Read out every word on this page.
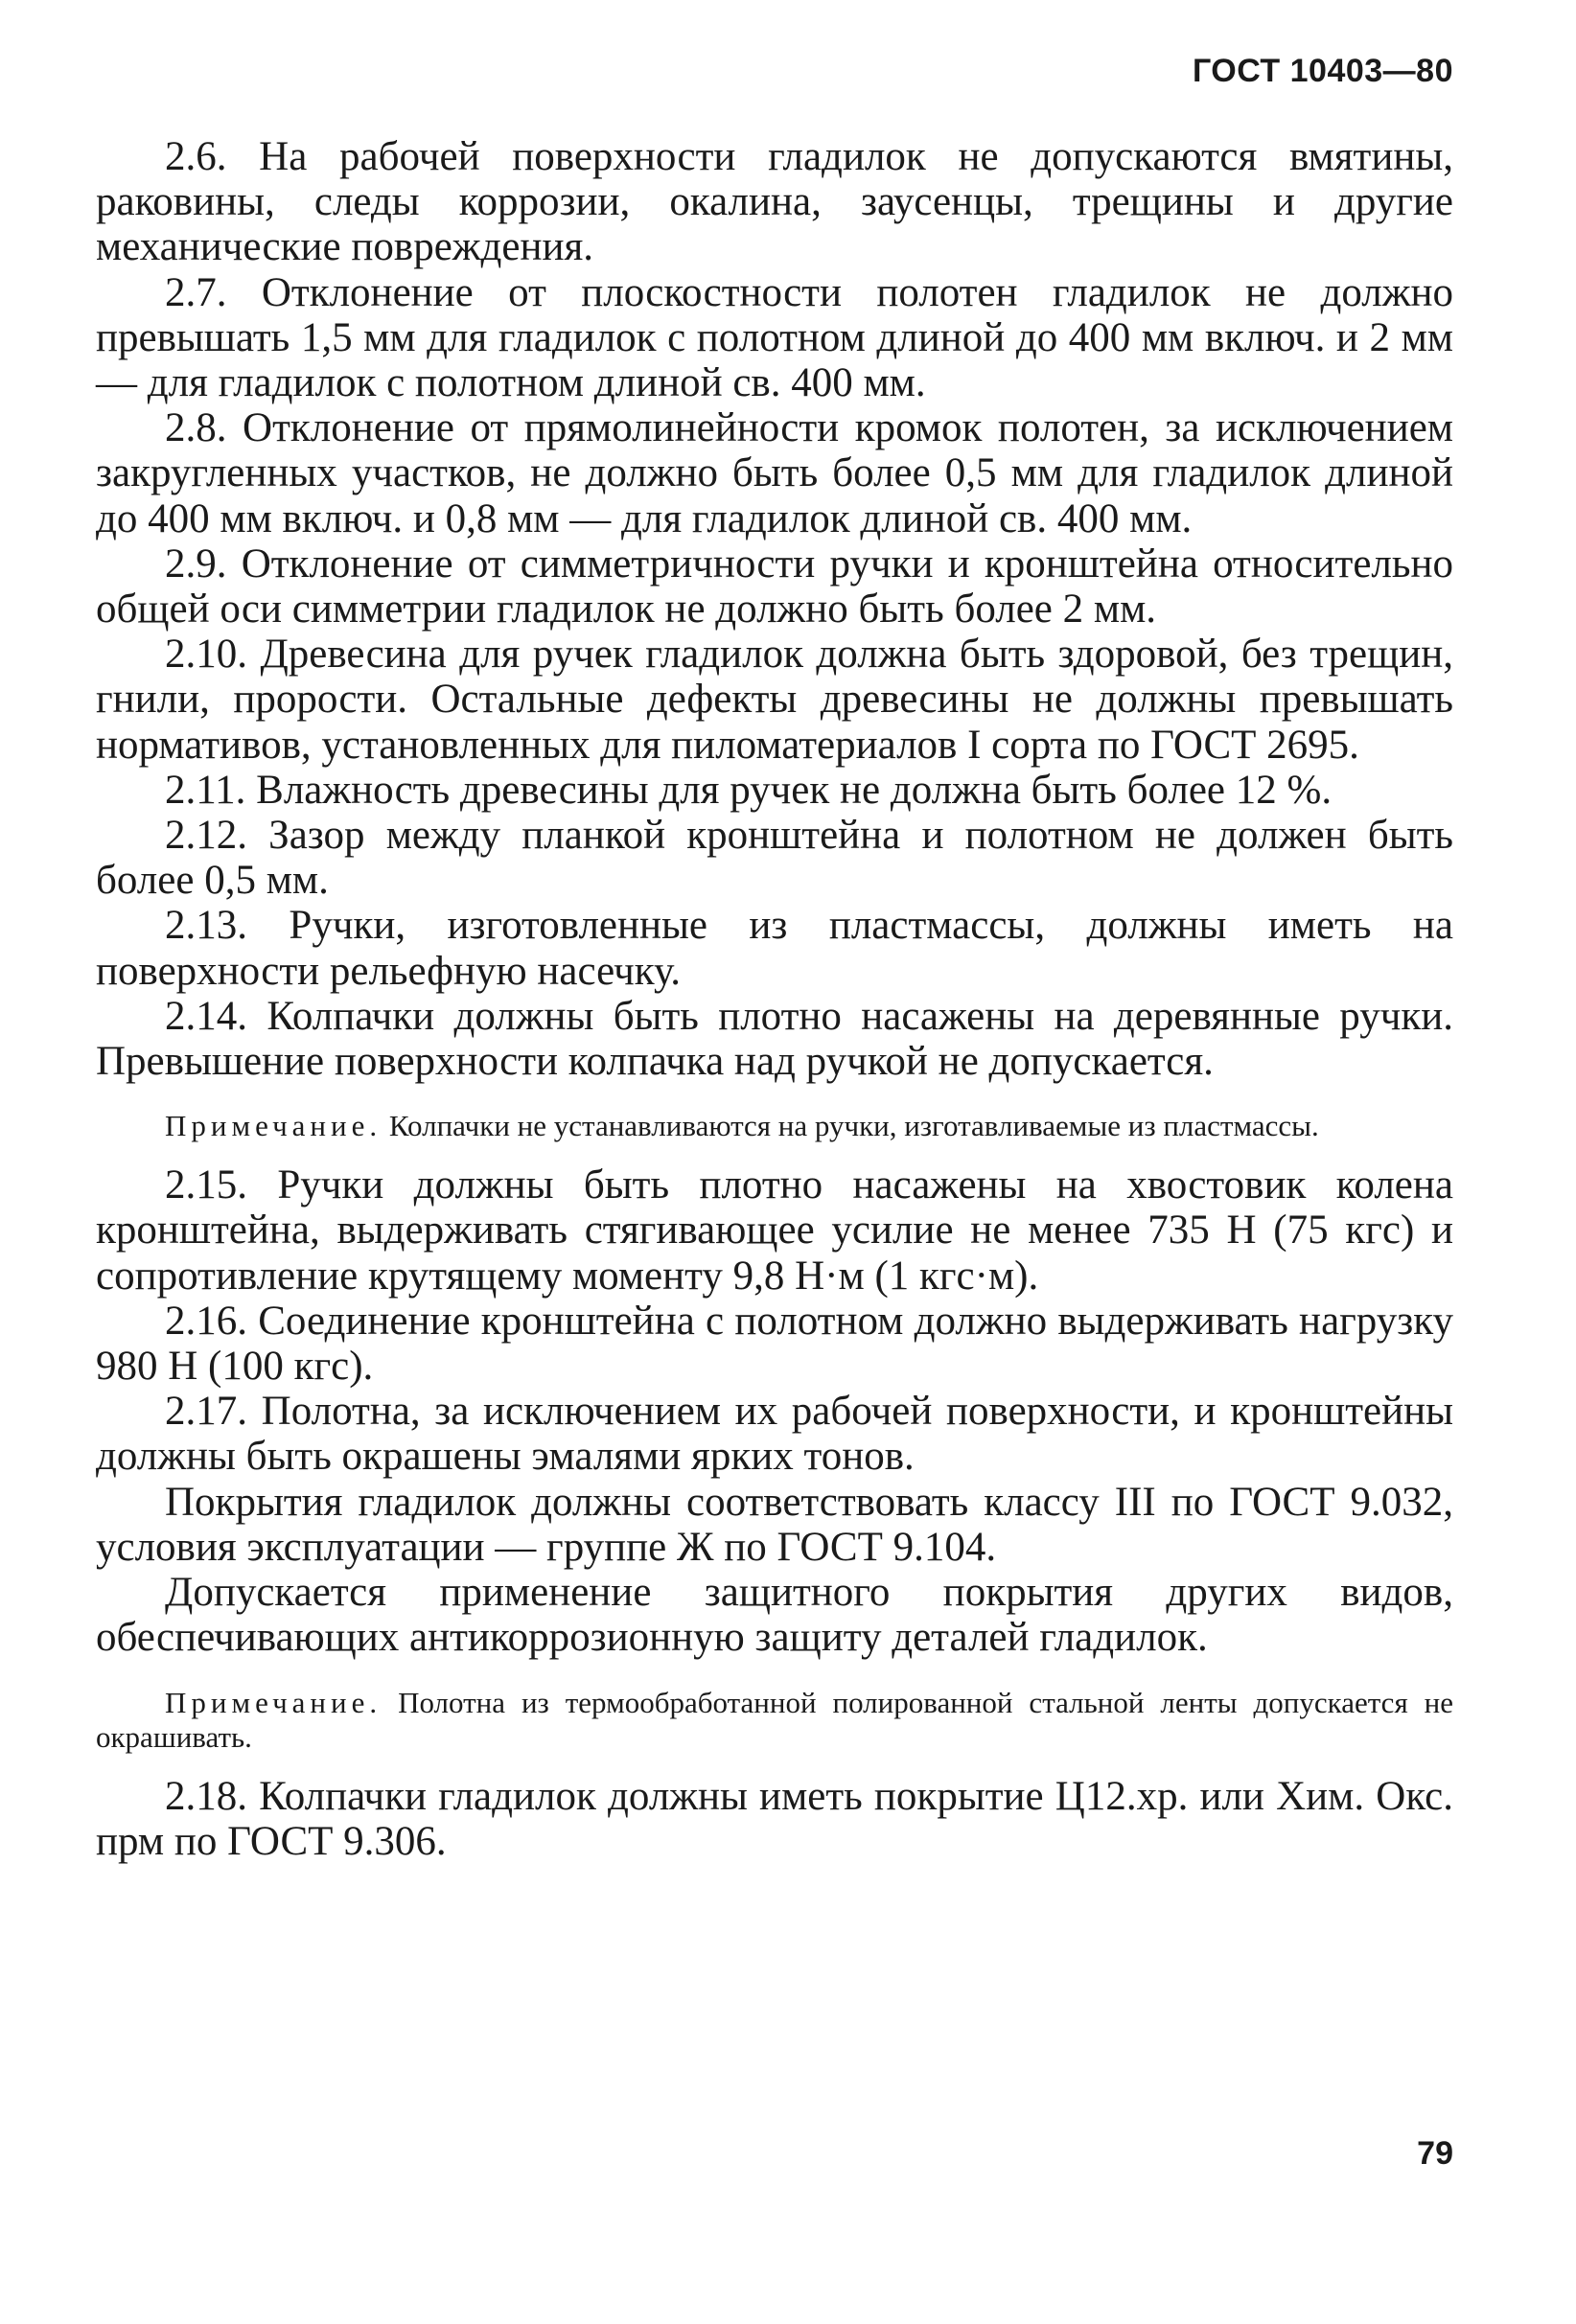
ГОСТ 10403—80

2.6. На рабочей поверхности гладилок не допускаются вмятины, раковины, следы коррозии, окалина, заусенцы, трещины и другие механические повреждения.

2.7. Отклонение от плоскостности полотен гладилок не должно превышать 1,5 мм для гладилок с полотном длиной до 400 мм включ. и 2 мм — для гладилок с полотном длиной св. 400 мм.

2.8. Отклонение от прямолинейности кромок полотен, за исключением закругленных участков, не должно быть более 0,5 мм для гладилок длиной до 400 мм включ. и 0,8 мм — для гладилок длиной св. 400 мм.

2.9. Отклонение от симметричности ручки и кронштейна относительно общей оси симметрии гладилок не должно быть более 2 мм.

2.10. Древесина для ручек гладилок должна быть здоровой, без трещин, гнили, прорости. Остальные дефекты древесины не должны превышать нормативов, установленных для пиломатериалов I сорта по ГОСТ 2695.

2.11. Влажность древесины для ручек не должна быть более 12 %.

2.12. Зазор между планкой кронштейна и полотном не должен быть более 0,5 мм.

2.13. Ручки, изготовленные из пластмассы, должны иметь на поверхности рельефную насечку.

2.14. Колпачки должны быть плотно насажены на деревянные ручки. Превышение поверхности колпачка над ручкой не допускается.

Примечание. Колпачки не устанавливаются на ручки, изготавливаемые из пластмассы.

2.15. Ручки должны быть плотно насажены на хвостовик колена кронштейна, выдерживать стягивающее усилие не менее 735 Н (75 кгс) и сопротивление крутящему моменту 9,8 Н·м (1 кгс·м).

2.16. Соединение кронштейна с полотном должно выдерживать нагрузку 980 Н (100 кгс).

2.17. Полотна, за исключением их рабочей поверхности, и кронштейны должны быть окрашены эмалями ярких тонов.

Покрытия гладилок должны соответствовать классу III по ГОСТ 9.032, условия эксплуатации — группе Ж по ГОСТ 9.104.

Допускается применение защитного покрытия других видов, обеспечивающих антикоррозионную защиту деталей гладилок.

Примечание. Полотна из термообработанной полированной стальной ленты допускается не окрашивать.

2.18. Колпачки гладилок должны иметь покрытие Ц12.хр. или Хим. Окс. прм по ГОСТ 9.306.

79
